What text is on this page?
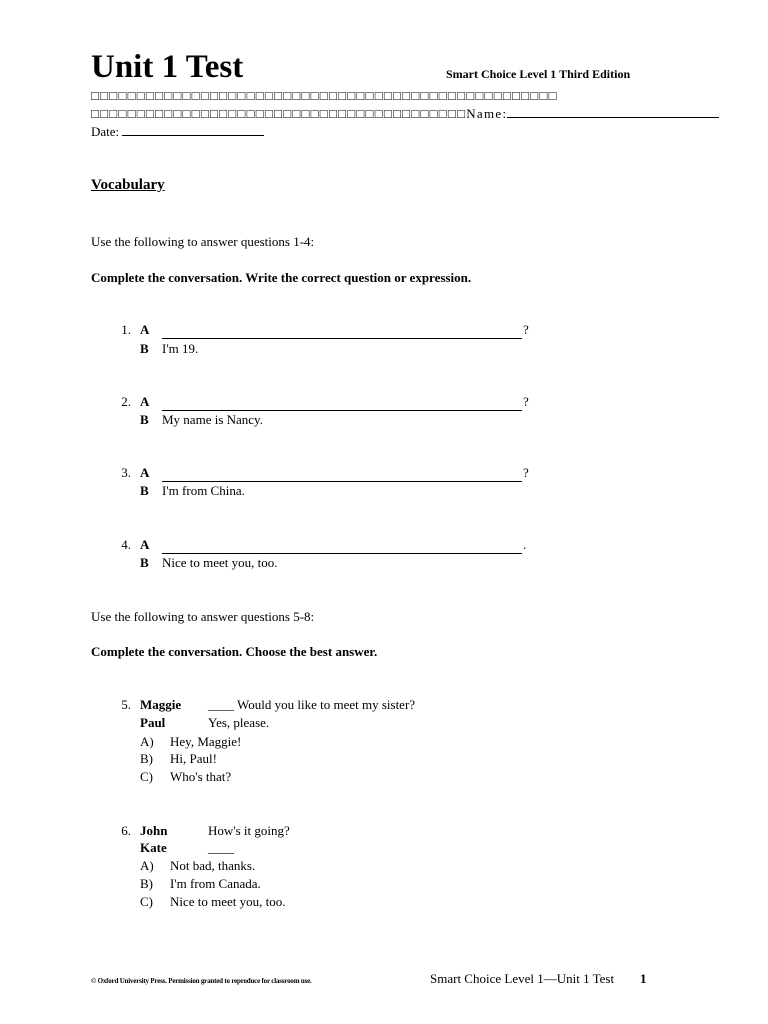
Unit 1 Test	Smart Choice Level 1 Third Edition
□□□□□□□□□□□□□□□□□□□□□□□□□□□□□□□□□□□□□□□□□□□□□□□□□□□
□□□□□□□□□□□□□□□□□□□□□□□□□□□□□□□□□□□□□□□□□Name:
Date:
Vocabulary
Use the following to answer questions 1-4:
Complete the conversation. Write the correct question or expression.
1. A	?
B I'm 19.
2. A	?
B My name is Nancy.
3. A	?
B I'm from China.
4. A	.
B Nice to meet you, too.
Use the following to answer questions 5-8:
Complete the conversation. Choose the best answer.
5. Maggie ____ Would you like to meet my sister?
Paul	Yes, please.
A) Hey, Maggie!
B) Hi, Paul!
C) Who's that?
6. John	How's it going?
Kate	____
A) Not bad, thanks.
B) I'm from Canada.
C) Nice to meet you, too.
© Oxford University Press. Permission granted to reproduce for classroom use.	Smart Choice Level 1—Unit 1 Test 1
